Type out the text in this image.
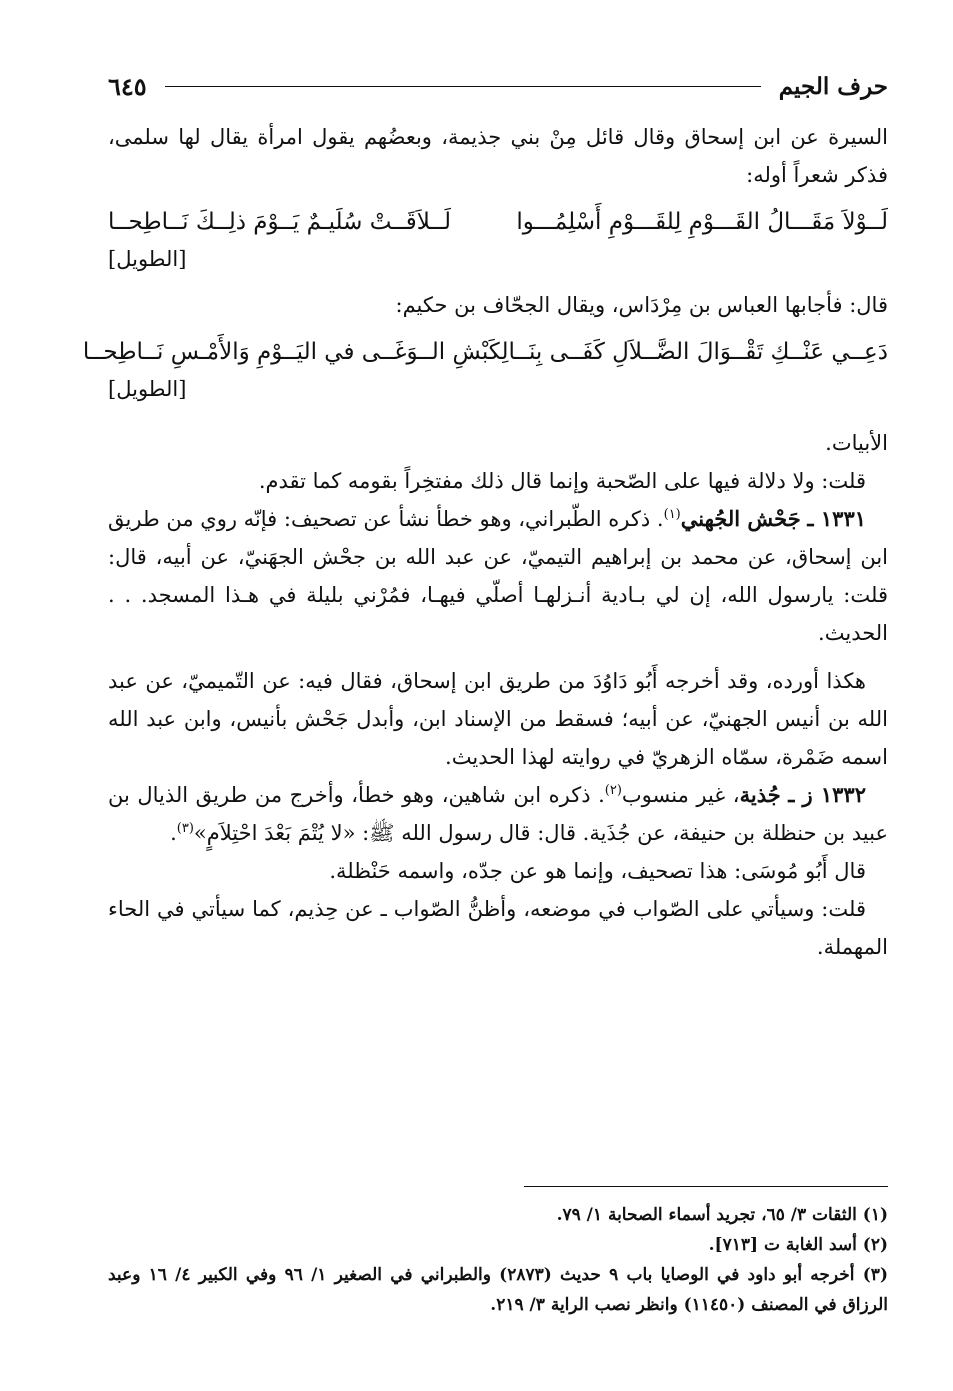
حرف الجيم
٦٤٥

السيرة عن ابن إسحاق وقال قائل مِنْ بني جذيمة، وبعضُهم يقول امرأة يقال لها سلمى، فذكر شعراً أوله:

لَــوْلاَ مَقَـــالُ القَـــوْمِ لِلقَـــوْمِ أَسْلِمُـــوا
لَــلاَقَــتْ سُلَيـمٌ يَــوْمَ ذلِــكَ نَــاطِحــا
[الطويل]

قال: فأجابها العباس بن مِرْدَاس، ويقال الجحّاف بن حكيم:

دَعِــي عَنْــكِ تَقْــوَالَ الضَّــلاَلِ كَفَــى بِنَــا
لِكَبْشِ الــوَغَــى في اليَــوْمِ وَالأَمْـسِ نَــاطِحــا
[الطويل]

الأبيات.

قلت: ولا دلالة فيها على الصّحبة وإنما قال ذلك مفتخِراً بقومه كما تقدم.

١٣٣١ ـ جَحْش الجُهني$^{(١)}$. ذكره الطّبراني، وهو خطأ نشأ عن تصحيف: فإنّه روي من طريق ابن إسحاق، عن محمد بن إبراهيم التيميّ، عن عبد الله بن جحْش الجهَنيّ، عن أبيه، قال: قلت: يارسول الله، إن لي بـادية أنـزلهـا أصلّي فيهـا، فمُرْني بليلة في هـذا المسجد. . . الحديث.

هكذا أورده، وقد أخرجه أَبُو دَاوُدَ من طريق ابن إسحاق، فقال فيه: عن التّميميّ، عن عبد الله بن أنيس الجهنيّ، عن أبيه؛ فسقط من الإسناد ابن، وأبدل جَحْش بأنيس، وابن عبد الله اسمه ضَمْرة، سمّاه الزهريّ في روايته لهذا الحديث.

١٣٣٢ ز ـ جُذية، غير منسوب$^{(٢)}$. ذكره ابن شاهين، وهو خطأ، وأخرج من طريق الذيال بن عبيد بن حنظلة بن حنيفة، عن جُذَية. قال: قال رسول الله ﷺ: «لا يُتْمَ بَعْدَ احْتِلاَمٍ»$^{(٣)}$.

قال أَبُو مُوسَى: هذا تصحيف، وإنما هو عن جدّه، واسمه حَنْظلة.

قلت: وسيأتي على الصّواب في موضعه، وأظنُّ الصّواب ـ عن حِذيم، كما سيأتي في الحاء المهملة.

(١) الثقات ٣/ ٦٥، تجريد أسماء الصحابة ١/ ٧٩.
(٢) أسد الغابة ت [٧١٣].
(٣) أخرجه أبو داود في الوصايا باب ٩ حديث (٢٨٧٣) والطبراني في الصغير ١/ ٩٦ وفي الكبير ٤/ ١٦ وعبد الرزاق في المصنف (١١٤٥٠) وانظر نصب الراية ٣/ ٢١٩.
